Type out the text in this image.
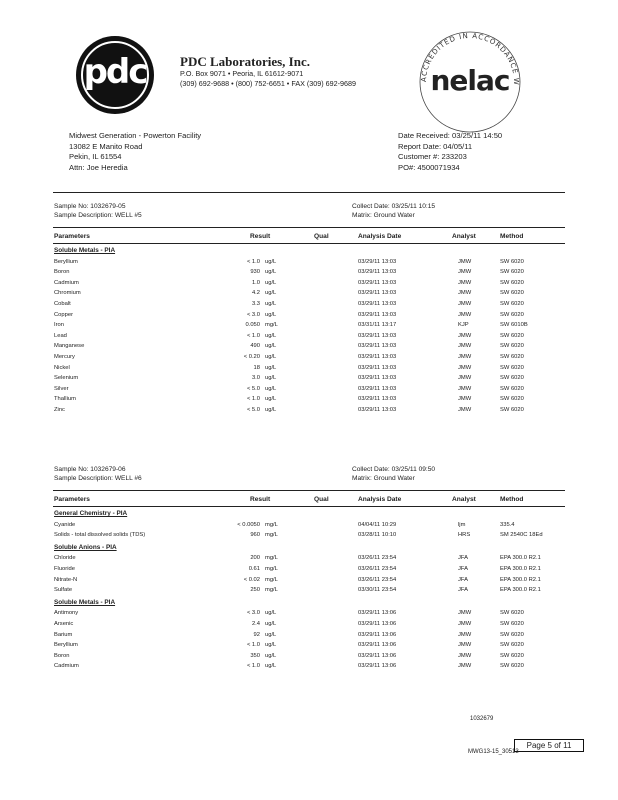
pdc	PDC Laboratories, Inc.
P.O. Box 9071 • Peoria, IL 61612-9071
(309) 692-9688 • (800) 752-6651 • FAX (309) 692-9689	ACCREDITED IN ACCORDANCE W
nelac
Midwest Generation - Powerton Facility
13082 E Manito Road
Pekin, IL 61554
Attn: Joe Heredia
Date Received: 03/25/11 14:50
Report Date: 04/05/11
Customer #: 233203
PO#: 4500071934
Sample No: 1032679-05	Collect Date: 03/25/11 10:15
Sample Description: WELL #5	Matrix: Ground Water
Parameters	Result	Qual	Analysis Date	Analyst	Method
Soluble Metals - PIA
Beryllium	< 1.0 ug/L	03/29/11 13:03	JMW	SW 6020
Boron	930 ug/L	03/29/11 13:03	JMW	SW 6020
Cadmium	1.0 ug/L	03/29/11 13:03	JMW	SW 6020
Chromium	4.2 ug/L	03/29/11 13:03	JMW	SW 6020
Cobalt	3.3 ug/L	03/29/11 13:03	JMW	SW 6020
Copper	< 3.0 ug/L	03/29/11 13:03	JMW	SW 6020
Iron	0.050 mg/L	03/31/11 13:17	KJP	SW 6010B
Lead	< 1.0 ug/L	03/29/11 13:03	JMW	SW 6020
Manganese	490 ug/L	03/29/11 13:03	JMW	SW 6020
Mercury	< 0.20 ug/L	03/29/11 13:03	JMW	SW 6020
Nickel	18 ug/L	03/29/11 13:03	JMW	SW 6020
Selenium	3.0 ug/L	03/29/11 13:03	JMW	SW 6020
Silver	< 5.0 ug/L	03/29/11 13:03	JMW	SW 6020
Thallium	< 1.0 ug/L	03/29/11 13:03	JMW	SW 6020
Zinc	< 5.0 ug/L	03/29/11 13:03	JMW	SW 6020
Sample No: 1032679-06	Collect Date: 03/25/11 09:50
Sample Description: WELL #6	Matrix: Ground Water
Parameters	Result	Qual	Analysis Date	Analyst	Method
General Chemistry - PIA
Cyanide	< 0.0050 mg/L	04/04/11 10:29	ljm	335.4
Solids - total dissolved solids (TDS)	960 mg/L	03/28/11 10:10	HRS	SM 2540C 18Ed
Soluble Anions - PIA
Chloride	200 mg/L	03/26/11 23:54	JFA	EPA 300.0 R2.1
Fluoride	0.61 mg/L	03/26/11 23:54	JFA	EPA 300.0 R2.1
Nitrate-N	< 0.02 mg/L	03/26/11 23:54	JFA	EPA 300.0 R2.1
Sulfate	250 mg/L	03/30/11 23:54	JFA	EPA 300.0 R2.1
Soluble Metals - PIA
Antimony	< 3.0 ug/L	03/29/11 13:06	JMW	SW 6020
Arsenic	2.4 ug/L	03/29/11 13:06	JMW	SW 6020
Barium	92 ug/L	03/29/11 13:06	JMW	SW 6020
Beryllium	< 1.0 ug/L	03/29/11 13:06	JMW	SW 6020
Boron	350 ug/L	03/29/11 13:06	JMW	SW 6020
Cadmium	< 1.0 ug/L	03/29/11 13:06	JMW	SW 6020
1032679
Page 5 of 11
MWG13-15_30513
